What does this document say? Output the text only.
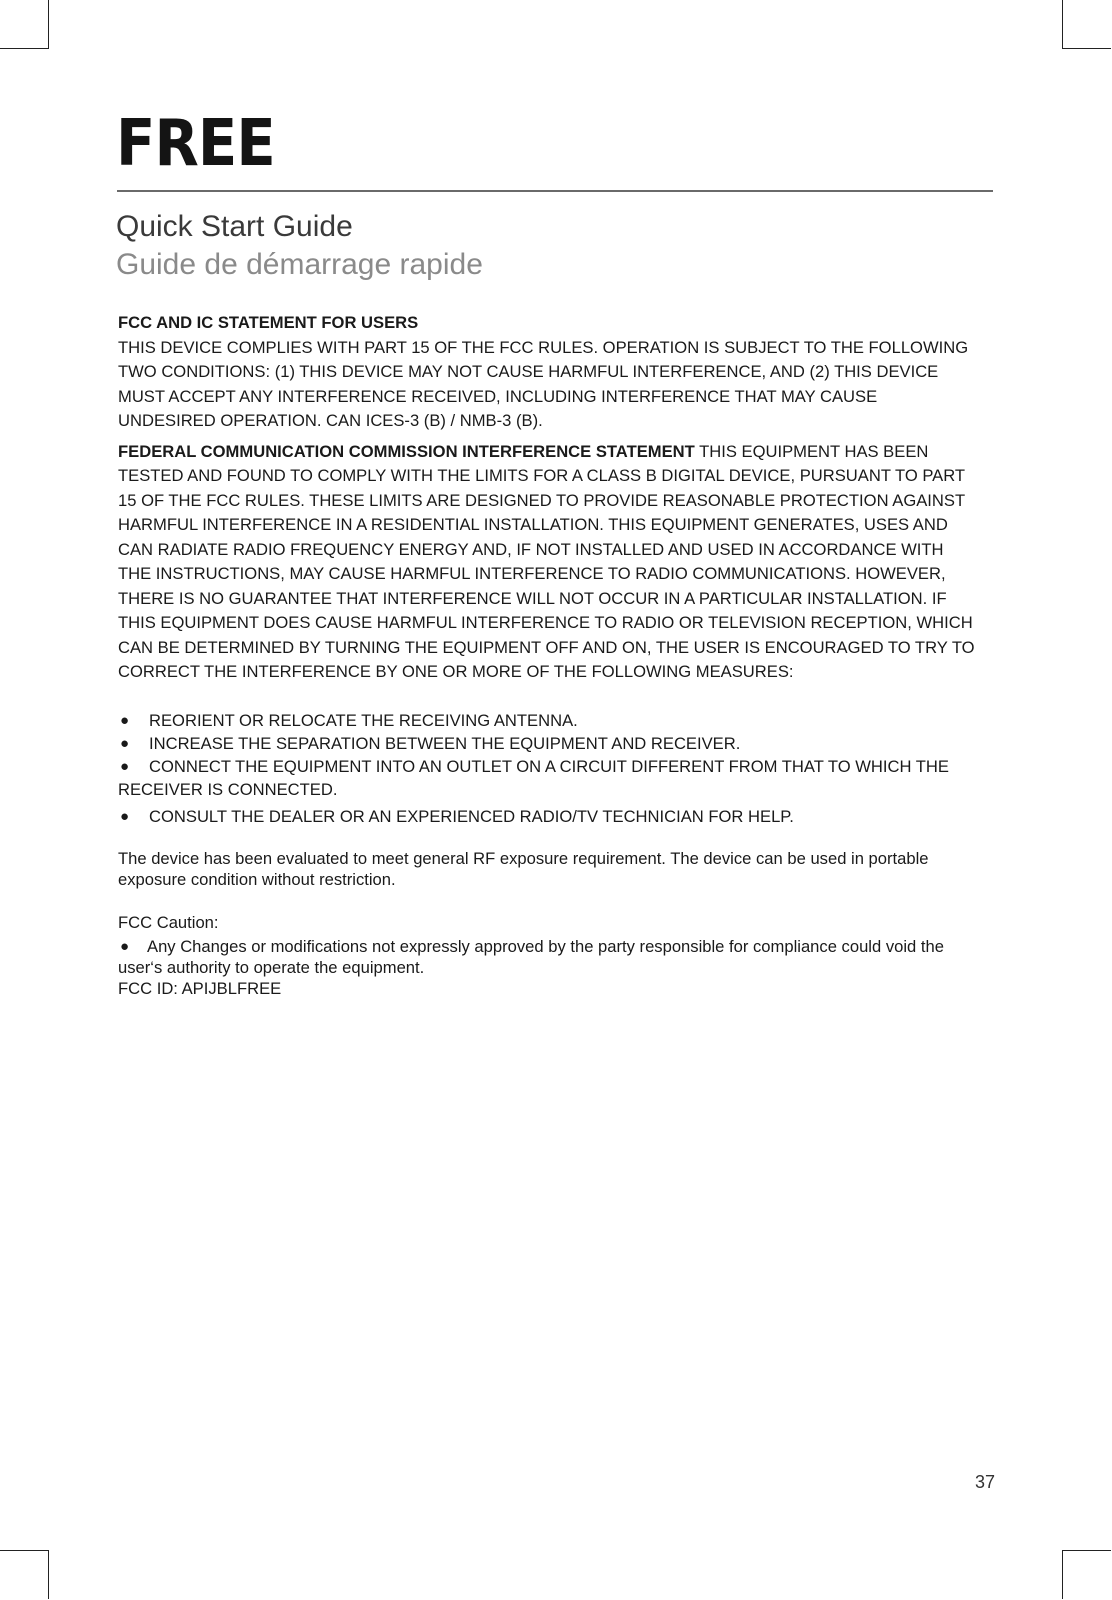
FREE
Quick Start Guide
Guide de démarrage rapide

FCC AND IC STATEMENT FOR USERS

THIS DEVICE COMPLIES WITH PART 15 OF THE FCC RULES. OPERATION IS SUBJECT TO THE FOLLOWING TWO CONDITIONS: (1) THIS DEVICE MAY NOT CAUSE HARMFUL INTERFERENCE, AND (2) THIS DEVICE MUST ACCEPT ANY INTERFERENCE RECEIVED, INCLUDING INTERFERENCE THAT MAY CAUSE UNDESIRED OPERATION. CAN ICES-3 (B) / NMB-3 (B).

FEDERAL COMMUNICATION COMMISSION INTERFERENCE STATEMENT THIS EQUIPMENT HAS BEEN TESTED AND FOUND TO COMPLY WITH THE LIMITS FOR A CLASS B DIGITAL DEVICE, PURSUANT TO PART 15 OF THE FCC RULES. THESE LIMITS ARE DESIGNED TO PROVIDE REASONABLE PROTECTION AGAINST HARMFUL INTERFERENCE IN A RESIDENTIAL INSTALLATION. THIS EQUIPMENT GENERATES, USES AND CAN RADIATE RADIO FREQUENCY ENERGY AND, IF NOT INSTALLED AND USED IN ACCORDANCE WITH THE INSTRUCTIONS, MAY CAUSE HARMFUL INTERFERENCE TO RADIO COMMUNICATIONS. HOWEVER, THERE IS NO GUARANTEE THAT INTERFERENCE WILL NOT OCCUR IN A PARTICULAR INSTALLATION. IF THIS EQUIPMENT DOES CAUSE HARMFUL INTERFERENCE TO RADIO OR TELEVISION RECEPTION, WHICH CAN BE DETERMINED BY TURNING THE EQUIPMENT OFF AND ON, THE USER IS ENCOURAGED TO TRY TO CORRECT THE INTERFERENCE BY ONE OR MORE OF THE FOLLOWING MEASURES:

● REORIENT OR RELOCATE THE RECEIVING ANTENNA.
● INCREASE THE SEPARATION BETWEEN THE EQUIPMENT AND RECEIVER.
● CONNECT THE EQUIPMENT INTO AN OUTLET ON A CIRCUIT DIFFERENT FROM THAT TO WHICH THE RECEIVER IS CONNECTED.
● CONSULT THE DEALER OR AN EXPERIENCED RADIO/TV TECHNICIAN FOR HELP.
The device has been evaluated to meet general RF exposure requirement. The device can be used in portable exposure condition without restriction.
FCC Caution:
● Any Changes or modifications not expressly approved by the party responsible for compliance could void the user‘s authority to operate the equipment.
FCC ID: APIJBLFREE
37
